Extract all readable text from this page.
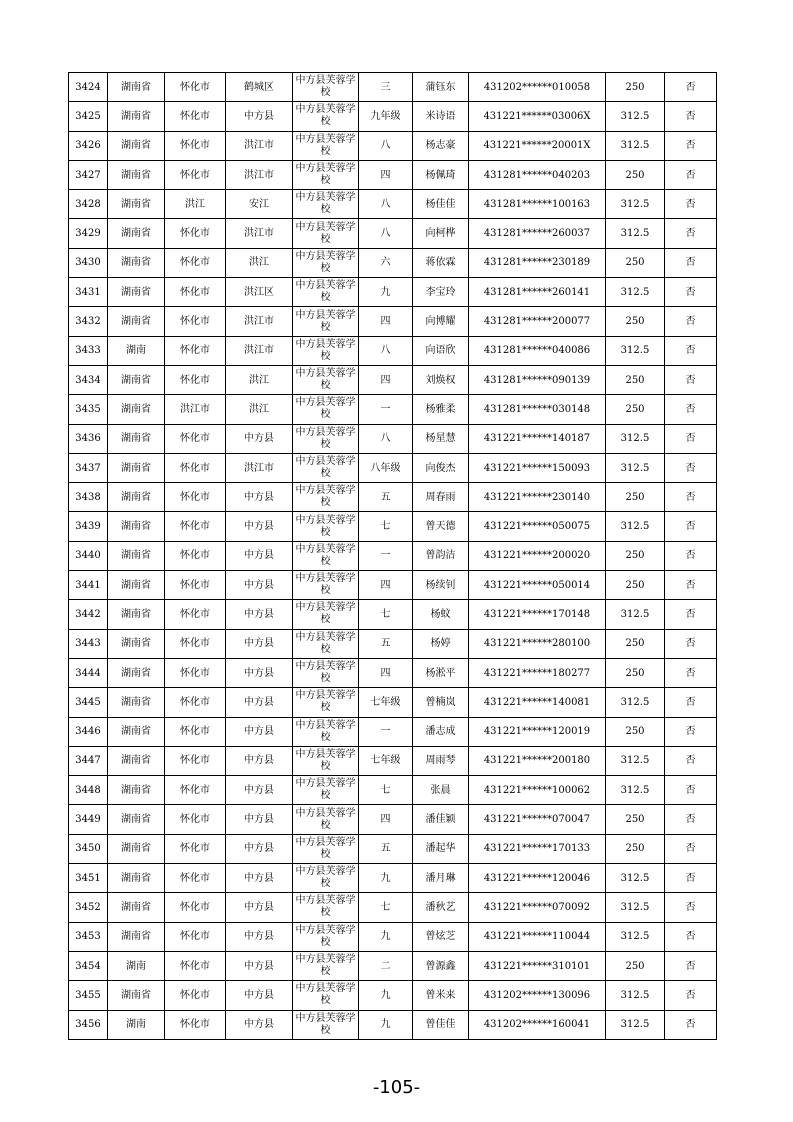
3424	湖南省	怀化市	鹤城区	中方县芙蓉学校	三	蒲钰东	431202******010058	250	否
3425	湖南省	怀化市	中方县	中方县芙蓉学校	九年级	米诗语	431221******03006X	312.5	否
3426	湖南省	怀化市	洪江市	中方县芙蓉学校	八	杨志豪	431221******20001X	312.5	否
3427	湖南省	怀化市	洪江市	中方县芙蓉学校	四	杨佩琦	431281******040203	250	否
3428	湖南省	洪江	安江	中方县芙蓉学校	八	杨佳佳	431281******100163	312.5	否
3429	湖南省	怀化市	洪江市	中方县芙蓉学校	八	向柯桦	431281******260037	312.5	否
3430	湖南省	怀化市	洪江	中方县芙蓉学校	六	蒋依霖	431281******230189	250	否
3431	湖南省	怀化市	洪江区	中方县芙蓉学校	九	李宝玲	431281******260141	312.5	否
3432	湖南省	怀化市	洪江市	中方县芙蓉学校	四	向博耀	431281******200077	250	否
3433	湖南	怀化市	洪江市	中方县芙蓉学校	八	向语欣	431281******040086	312.5	否
3434	湖南省	怀化市	洪江	中方县芙蓉学校	四	刘焕权	431281******090139	250	否
3435	湖南省	洪江市	洪江	中方县芙蓉学校	一	杨雅柔	431281******030148	250	否
3436	湖南省	怀化市	中方县	中方县芙蓉学校	八	杨星慧	431221******140187	312.5	否
3437	湖南省	怀化市	洪江市	中方县芙蓉学校	八年级	向俊杰	431221******150093	312.5	否
3438	湖南省	怀化市	中方县	中方县芙蓉学校	五	周春雨	431221******230140	250	否
3439	湖南省	怀化市	中方县	中方县芙蓉学校	七	曾天德	431221******050075	312.5	否
3440	湖南省	怀化市	中方县	中方县芙蓉学校	一	曾韵洁	431221******200020	250	否
3441	湖南省	怀化市	中方县	中方县芙蓉学校	四	杨续钊	431221******050014	250	否
3442	湖南省	怀化市	中方县	中方县芙蓉学校	七	杨蚊	431221******170148	312.5	否
3443	湖南省	怀化市	中方县	中方县芙蓉学校	五	杨婷	431221******280100	250	否
3444	湖南省	怀化市	中方县	中方县芙蓉学校	四	杨淞平	431221******180277	250	否
3445	湖南省	怀化市	中方县	中方县芙蓉学校	七年级	曾楠岚	431221******140081	312.5	否
3446	湖南省	怀化市	中方县	中方县芙蓉学校	一	潘志成	431221******120019	250	否
3447	湖南省	怀化市	中方县	中方县芙蓉学校	七年级	周雨琴	431221******200180	312.5	否
3448	湖南省	怀化市	中方县	中方县芙蓉学校	七	张晨	431221******100062	312.5	否
3449	湖南省	怀化市	中方县	中方县芙蓉学校	四	潘佳颖	431221******070047	250	否
3450	湖南省	怀化市	中方县	中方县芙蓉学校	五	潘起华	431221******170133	250	否
3451	湖南省	怀化市	中方县	中方县芙蓉学校	九	潘月琳	431221******120046	312.5	否
3452	湖南省	怀化市	中方县	中方县芙蓉学校	七	潘秋艺	431221******070092	312.5	否
3453	湖南省	怀化市	中方县	中方县芙蓉学校	九	曾炫芝	431221******110044	312.5	否
3454	湖南	怀化市	中方县	中方县芙蓉学校	二	曾源鑫	431221******310101	250	否
3455	湖南省	怀化市	中方县	中方县芙蓉学校	九	曾米来	431202******130096	312.5	否
3456	湖南	怀化市	中方县	中方县芙蓉学校	九	曾佳佳	431202******160041	312.5	否
-105-
